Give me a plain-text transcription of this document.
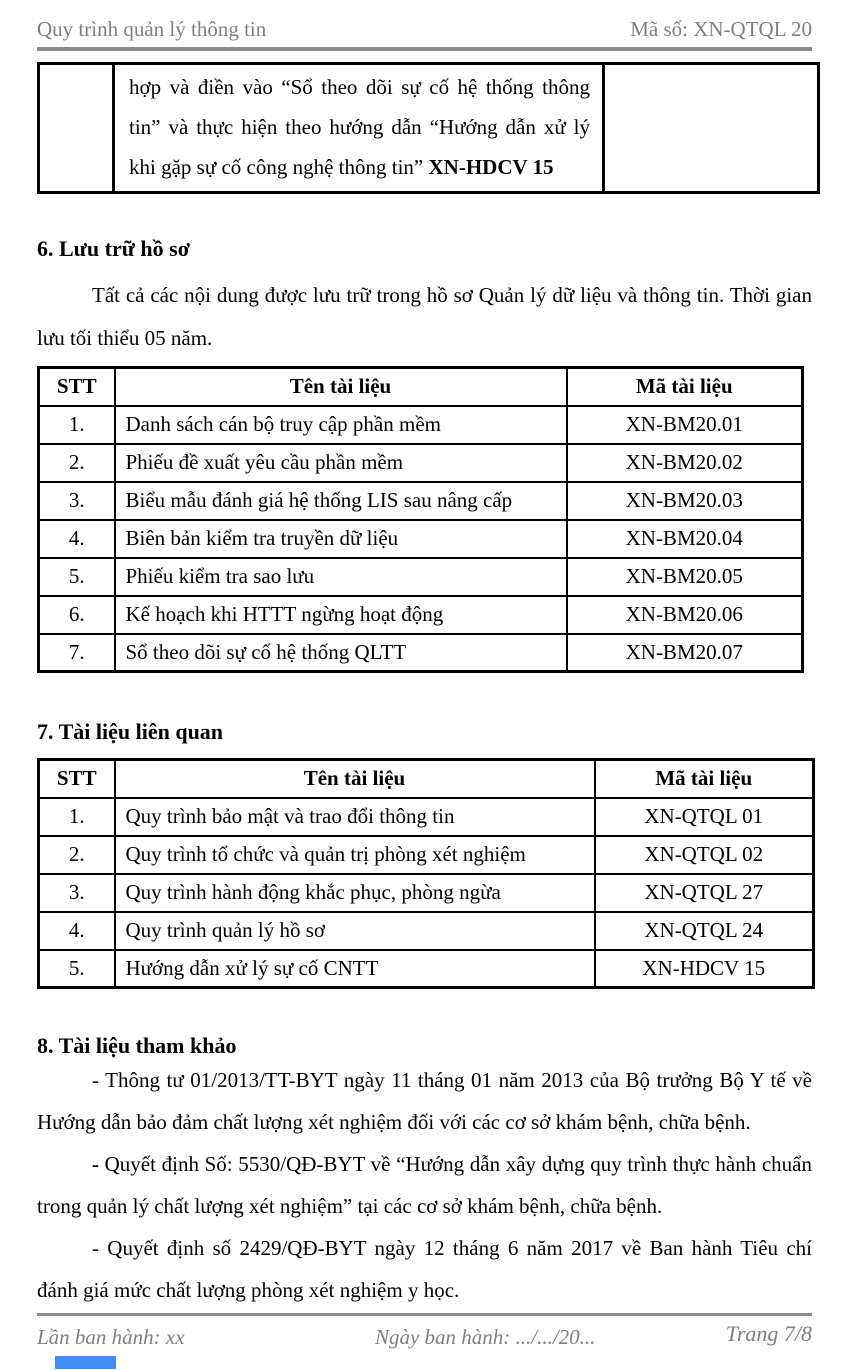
Quy trình quản lý thông tin	Mã số: XN-QTQL 20

hợp và điền vào “Sổ theo dõi sự cố hệ thống thông tin” và thực hiện theo hướng dẫn “Hướng dẫn xử lý khi gặp sự cố công nghệ thông tin” XN-HDCV 15

6. Lưu trữ hồ sơ

Tất cả các nội dung được lưu trữ trong hồ sơ Quản lý dữ liệu và thông tin. Thời gian lưu tối thiểu 05 năm.

STT	Tên tài liệu	Mã tài liệu
1.	Danh sách cán bộ truy cập phần mềm	XN-BM20.01
2.	Phiếu đề xuất yêu cầu phần mềm	XN-BM20.02
3.	Biểu mẫu đánh giá hệ thống LIS sau nâng cấp	XN-BM20.03
4.	Biên bản kiểm tra truyền dữ liệu	XN-BM20.04
5.	Phiếu kiểm tra sao lưu	XN-BM20.05
6.	Kế hoạch khi HTTT ngừng hoạt động	XN-BM20.06
7.	Sổ theo dõi sự cố hệ thống QLTT	XN-BM20.07
7. Tài liệu liên quan
STT	Tên tài liệu	Mã tài liệu
1.	Quy trình bảo mật và trao đổi thông tin	XN-QTQL 01
2.	Quy trình tổ chức và quản trị phòng xét nghiệm	XN-QTQL 02
3.	Quy trình hành động khắc phục, phòng ngừa	XN-QTQL 27
4.	Quy trình quản lý hồ sơ	XN-QTQL 24
5.	Hướng dẫn xử lý sự cố CNTT	XN-HDCV 15
8. Tài liệu tham khảo

- Thông tư 01/2013/TT-BYT ngày 11 tháng 01 năm 2013 của Bộ trưởng Bộ Y tế về Hướng dẫn bảo đảm chất lượng xét nghiệm đối với các cơ sở khám bệnh, chữa bệnh.

- Quyết định Số: 5530/QĐ-BYT về “Hướng dẫn xây dựng quy trình thực hành chuẩn trong quản lý chất lượng xét nghiệm” tại các cơ sở khám bệnh, chữa bệnh.

- Quyết định số 2429/QĐ-BYT ngày 12 tháng 6 năm 2017 về Ban hành Tiêu chí đánh giá mức chất lượng phòng xét nghiệm y học.

Lần ban hành: xx	Ngày ban hành: .../.../20...	Trang 7/8
